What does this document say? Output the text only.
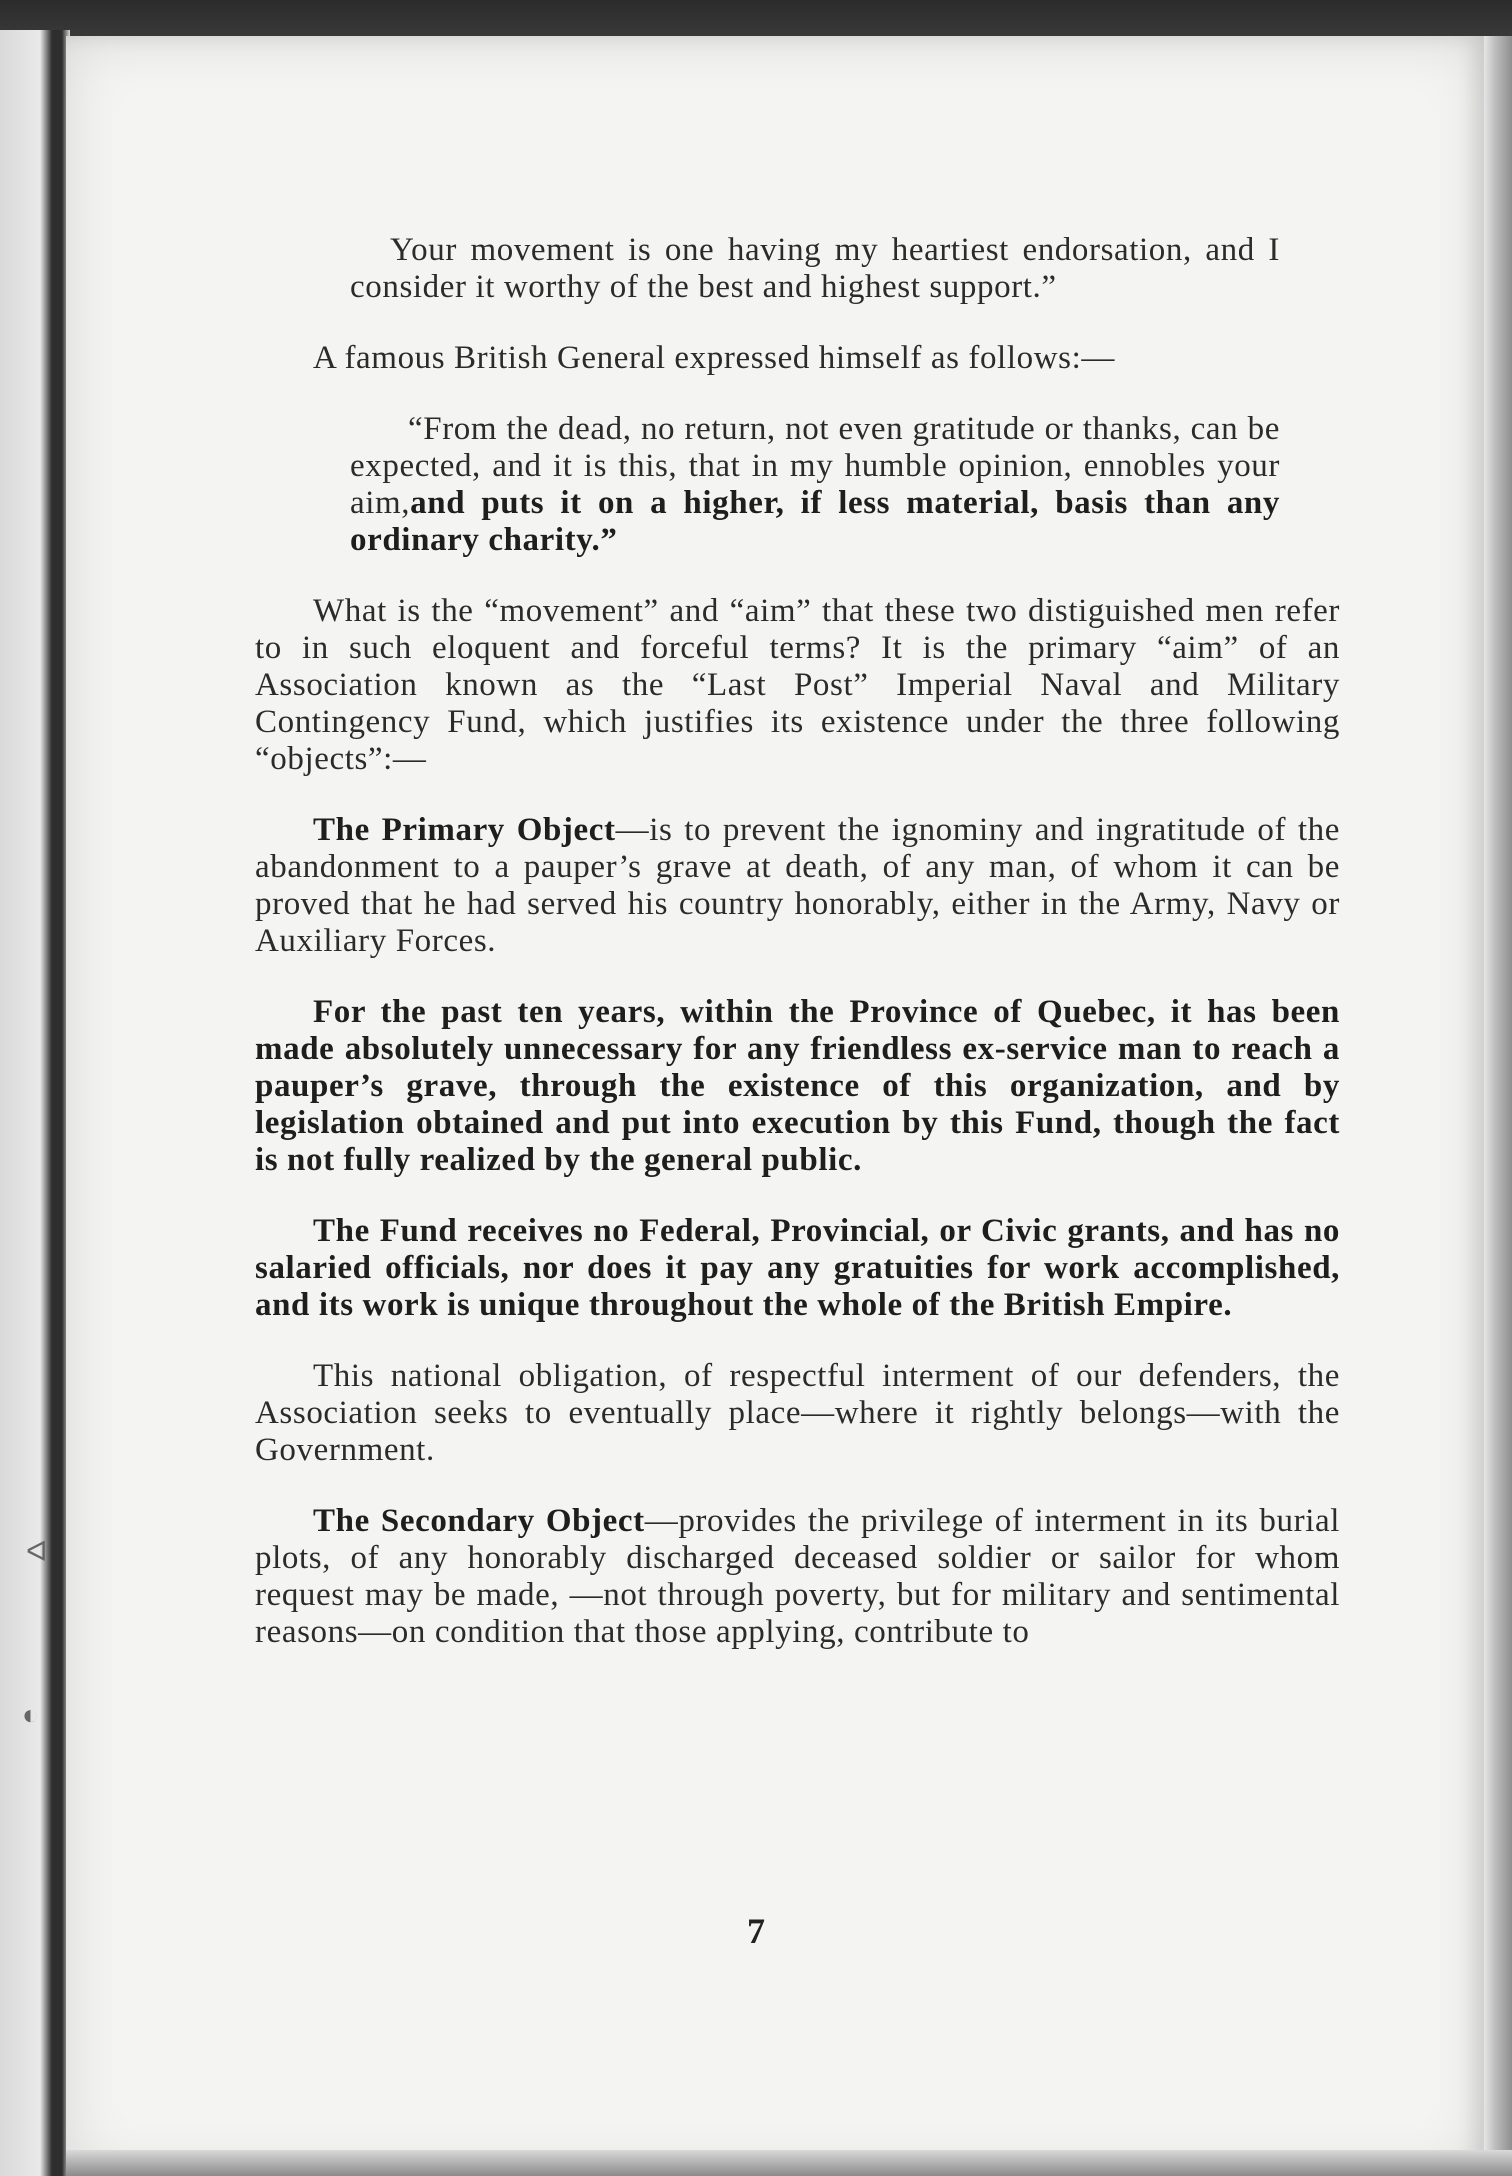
ᐊ
◐

Your movement is one having my heartiest endorsation, and I consider it worthy of the best and highest support.”

A famous British General expressed himself as follows:—

“From the dead, no return, not even gratitude or thanks, can be expected, and it is this, that in my humble opinion, ennobles your aim,and puts it on a higher, if less material, basis than any ordinary charity.”

What is the “movement” and “aim” that these two distiguished men refer to in such eloquent and forceful terms? It is the primary “aim” of an Association known as the “Last Post” Imperial Naval and Military Contingency Fund, which justifies its existence under the three following “objects”:—

The Primary Object—is to prevent the ignominy and ingratitude of the abandonment to a pauper’s grave at death, of any man, of whom it can be proved that he had served his country honorably, either in the Army, Navy or Auxiliary Forces.

For the past ten years, within the Province of Quebec, it has been made absolutely unnecessary for any friendless ex-service man to reach a pauper’s grave, through the existence of this organization, and by legislation obtained and put into execution by this Fund, though the fact is not fully realized by the general public.

The Fund receives no Federal, Provincial, or Civic grants, and has no salaried officials, nor does it pay any gratuities for work accomplished, and its work is unique throughout the whole of the British Empire.

This national obligation, of respectful interment of our defenders, the Association seeks to eventually place—where it rightly belongs—with the Government.

The Secondary Object—provides the privilege of interment in its burial plots, of any honorably discharged deceased soldier or sailor for whom request may be made, —not through poverty, but for military and sentimental reasons—on condition that those applying, contribute to

7
